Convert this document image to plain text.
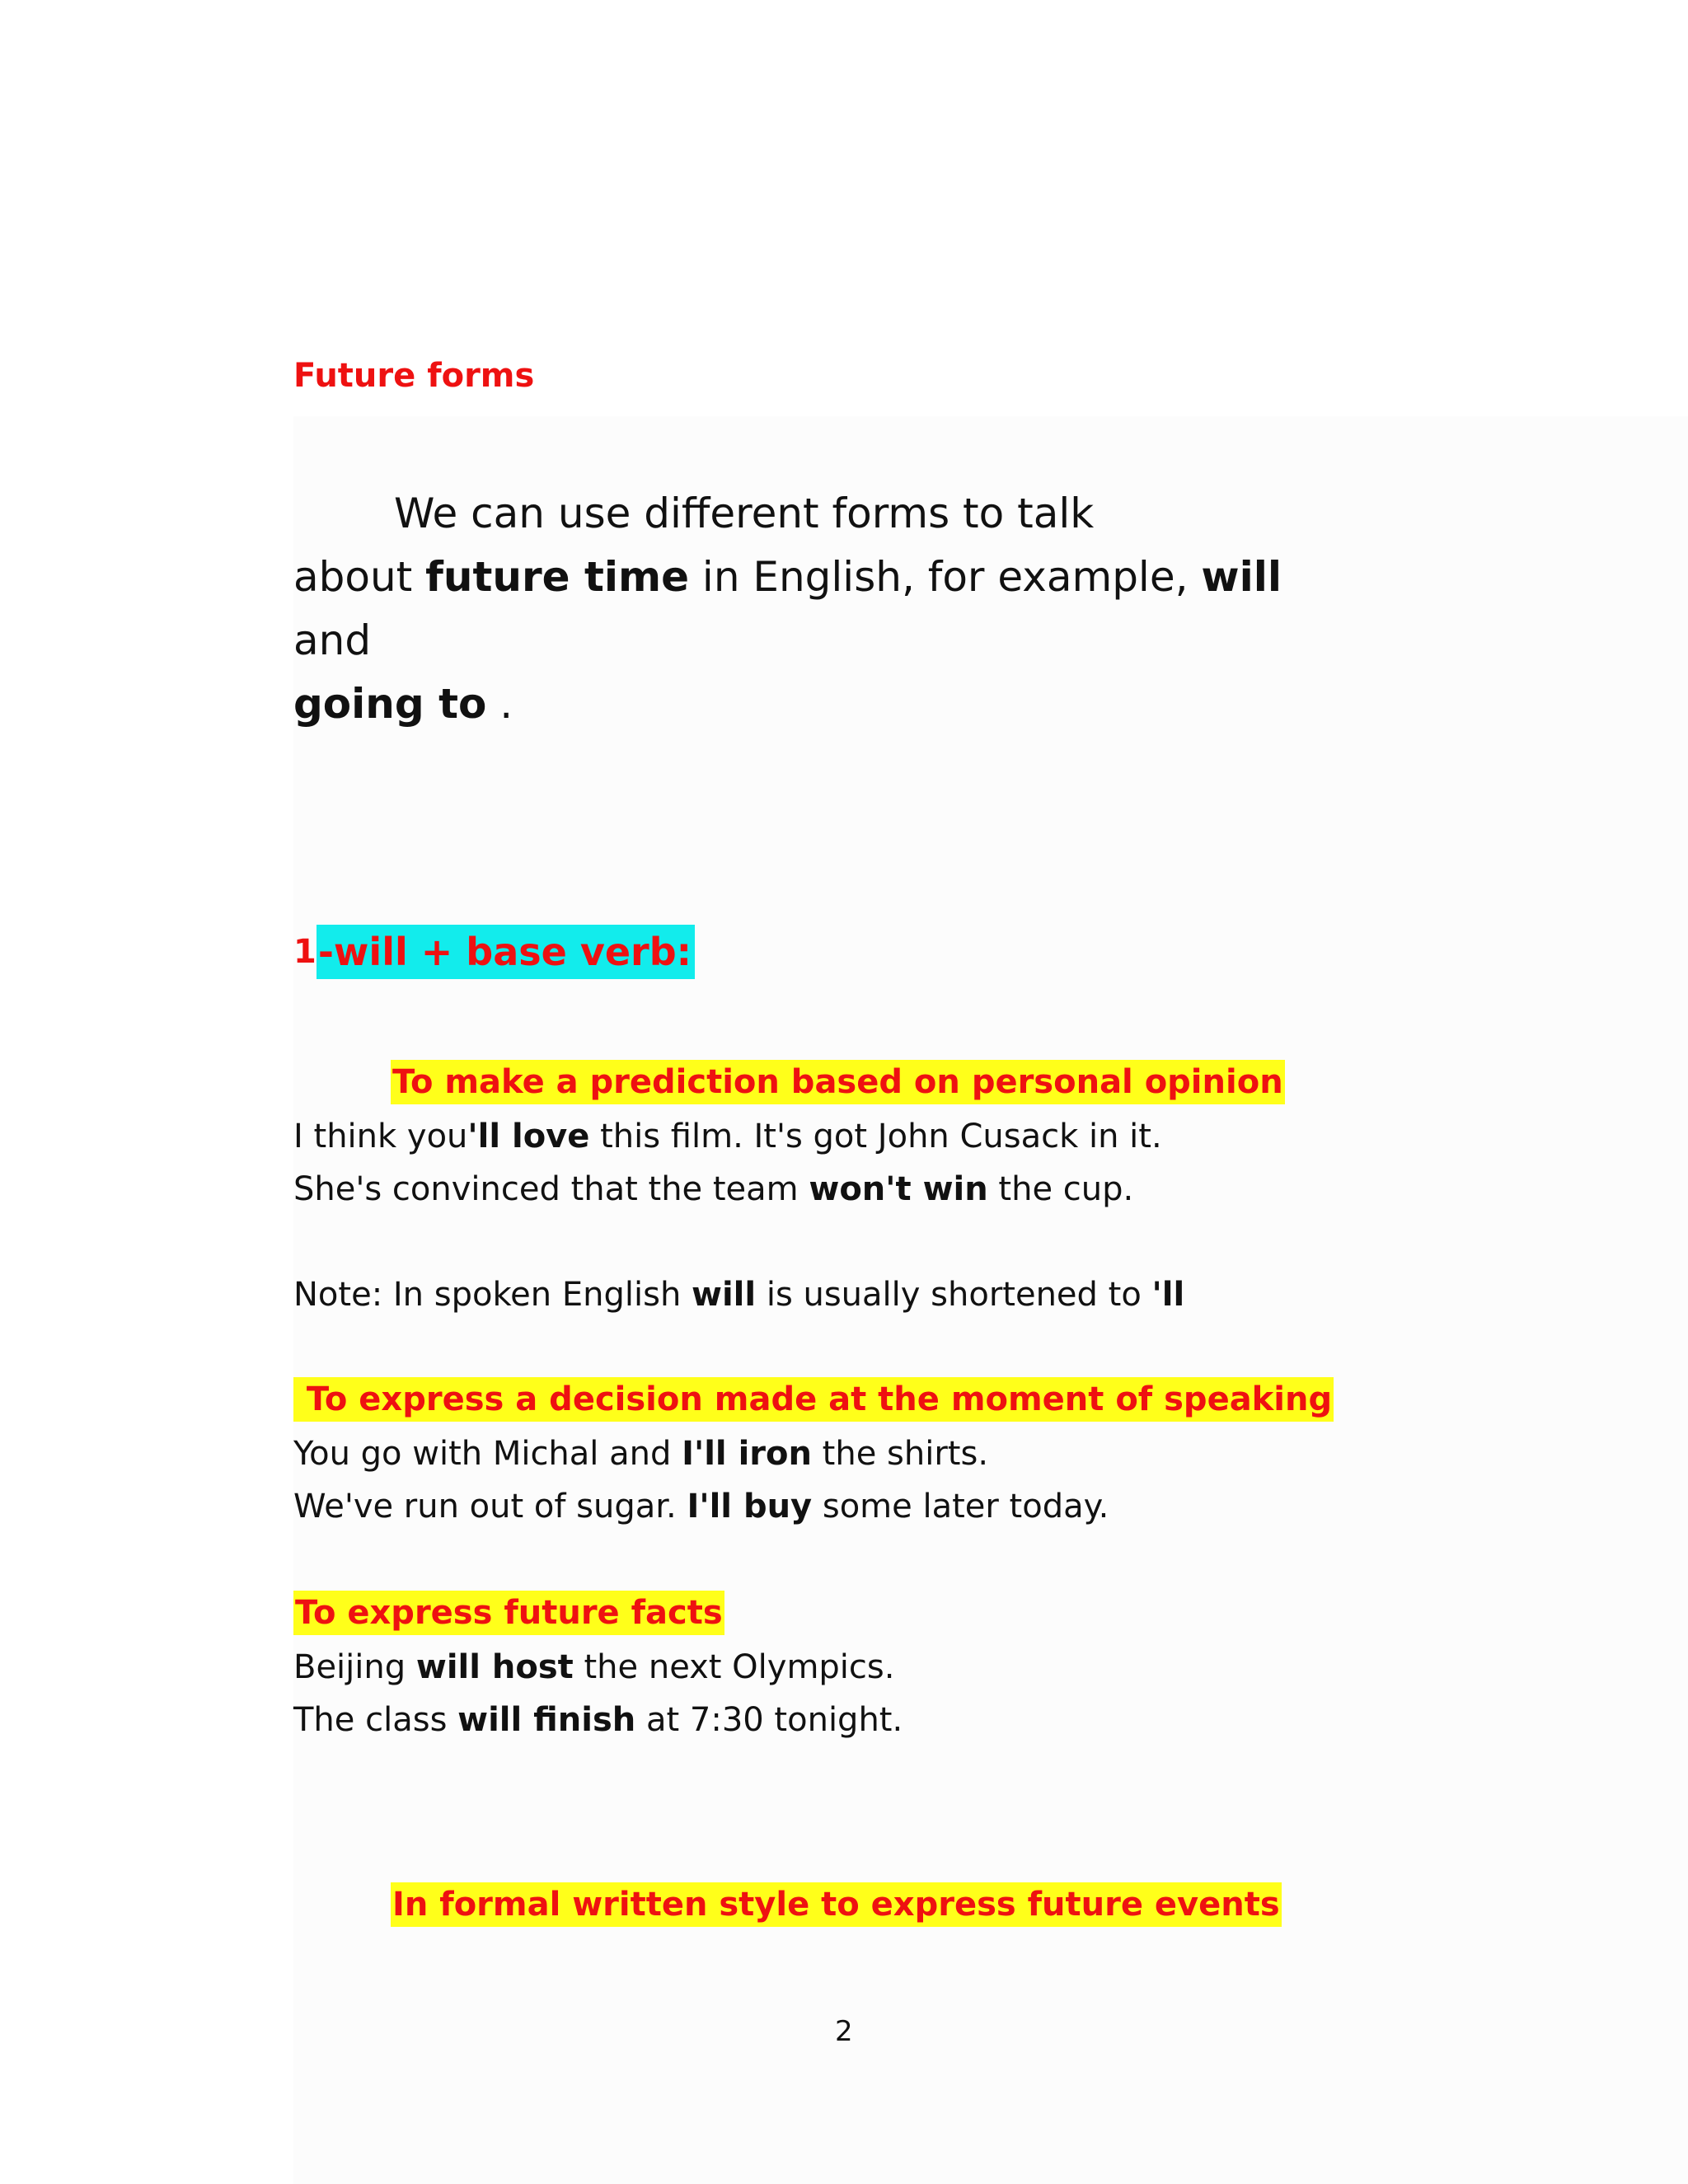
Future forms
We can use different forms to talk
about future time in English, for example, will and
going to .
1 -will + base verb:
To make a prediction based on personal opinion
I think you'll love this film. It's got John Cusack in it.
She's convinced that the team won't win the cup.
Note: In spoken English will is usually shortened to 'll
To express a decision made at the moment of speaking
You go with Michal and I'll iron the shirts.
We've run out of sugar. I'll buy some later today.
To express future facts
Beijing will host the next Olympics.
The class will finish at 7:30 tonight.
In formal written style to express future events
2
